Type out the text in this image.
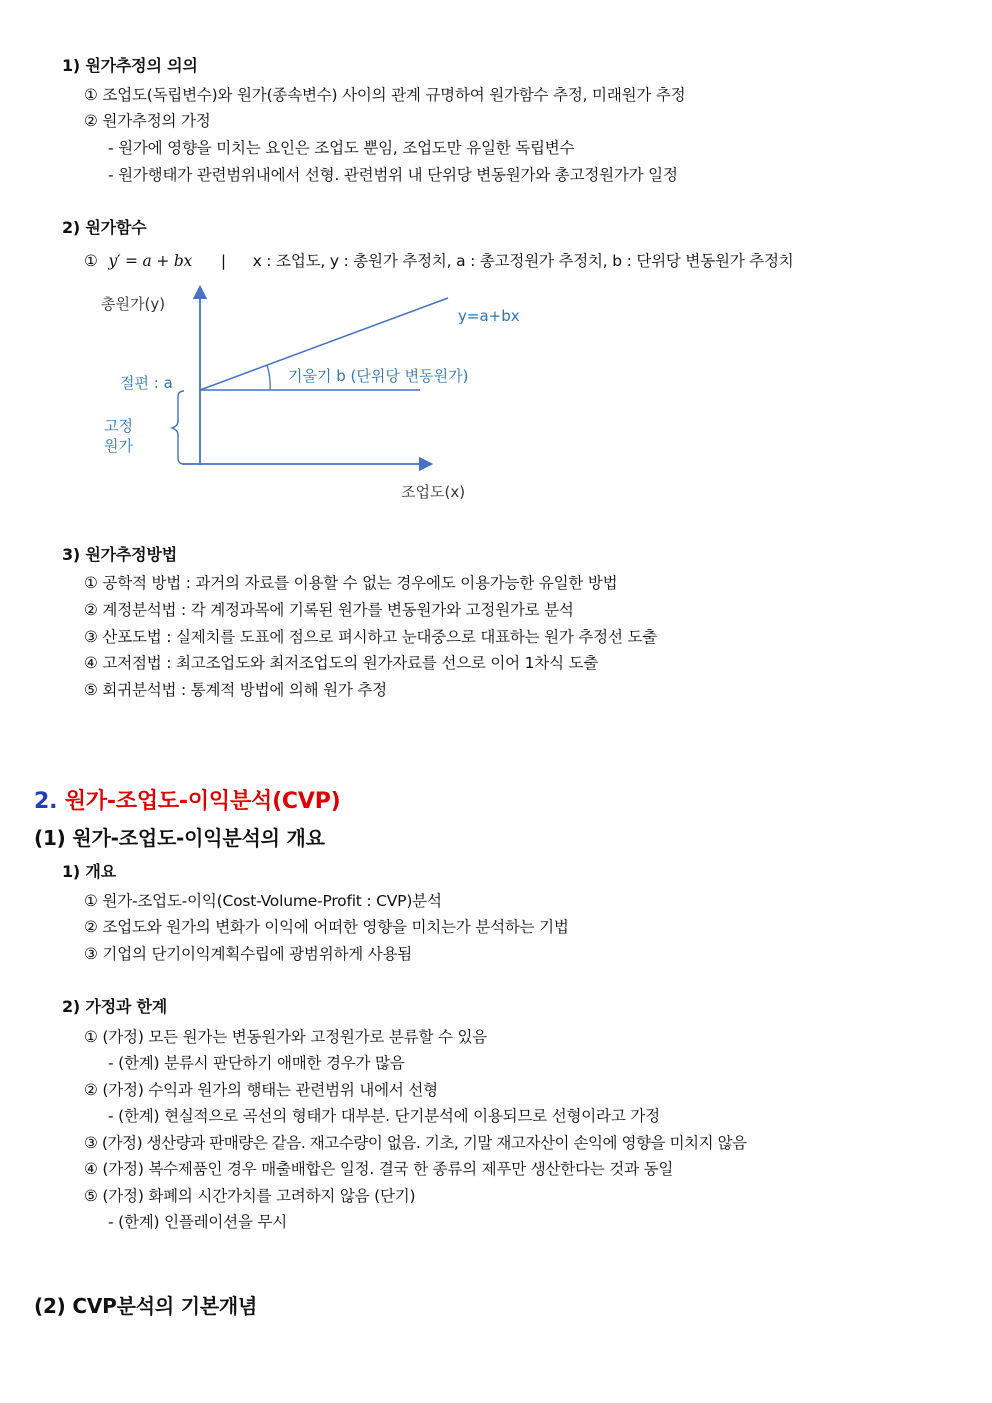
1) 원가추정의 의의
① 조업도(독립변수)와 원가(종속변수) 사이의 관계 규명하여 원가함수 추정, 미래원가 추정
② 원가추정의 가정
- 원가에 영향을 미치는 요인은 조업도 뿐임, 조업도만 유일한 독립변수
- 원가행태가 관련범위내에서 선형. 관련범위 내 단위당 변동원가와 총고정원가가 일정
2) 원가함수
① y′ = a + bx | x : 조업도, y : 총원가 추정치, a : 총고정원가 추정치, b : 단위당 변동원가 추정치
총원가(y)
조업도(x)
y=a+bx
절편 : a	기울기 b (단위당 변동원가)
고정
원가
3) 원가추정방법
① 공학적 방법 : 과거의 자료를 이용할 수 없는 경우에도 이용가능한 유일한 방법
② 계정분석법 : 각 계정과목에 기록된 원가를 변동원가와 고정원가로 분석
③ 산포도법 : 실제치를 도표에 점으로 펴시하고 눈대중으로 대표하는 원가 추정선 도출
④ 고저점법 : 최고조업도와 최저조업도의 원가자료를 선으로 이어 1차식 도출
⑤ 회귀분석법 : 통계적 방법에 의해 원가 추정
2. 원가-조업도-이익분석(CVP)
(1) 원가-조업도-이익분석의 개요
1) 개요
① 원가-조업도-이익(Cost-Volume-Profit : CVP)분석
② 조업도와 원가의 변화가 이익에 어떠한 영향을 미치는가 분석하는 기법
③ 기업의 단기이익계획수립에 광범위하게 사용됨
2) 가정과 한계
① (가정) 모든 원가는 변동원가와 고정원가로 분류할 수 있음
- (한계) 분류시 판단하기 애매한 경우가 많음
② (가정) 수익과 원가의 행태는 관련범위 내에서 선형
- (한계) 현실적으로 곡선의 형태가 대부분. 단기분석에 이용되므로 선형이라고 가정
③ (가정) 생산량과 판매량은 같음. 재고수량이 없음. 기초, 기말 재고자산이 손익에 영향을 미치지 않음
④ (가정) 복수제품인 경우 매출배합은 일정. 결국 한 종류의 제푸만 생산한다는 것과 동일
⑤ (가정) 화폐의 시간가치를 고려하지 않음 (단기)
- (한계) 인플레이션을 무시
(2) CVP분석의 기본개념
